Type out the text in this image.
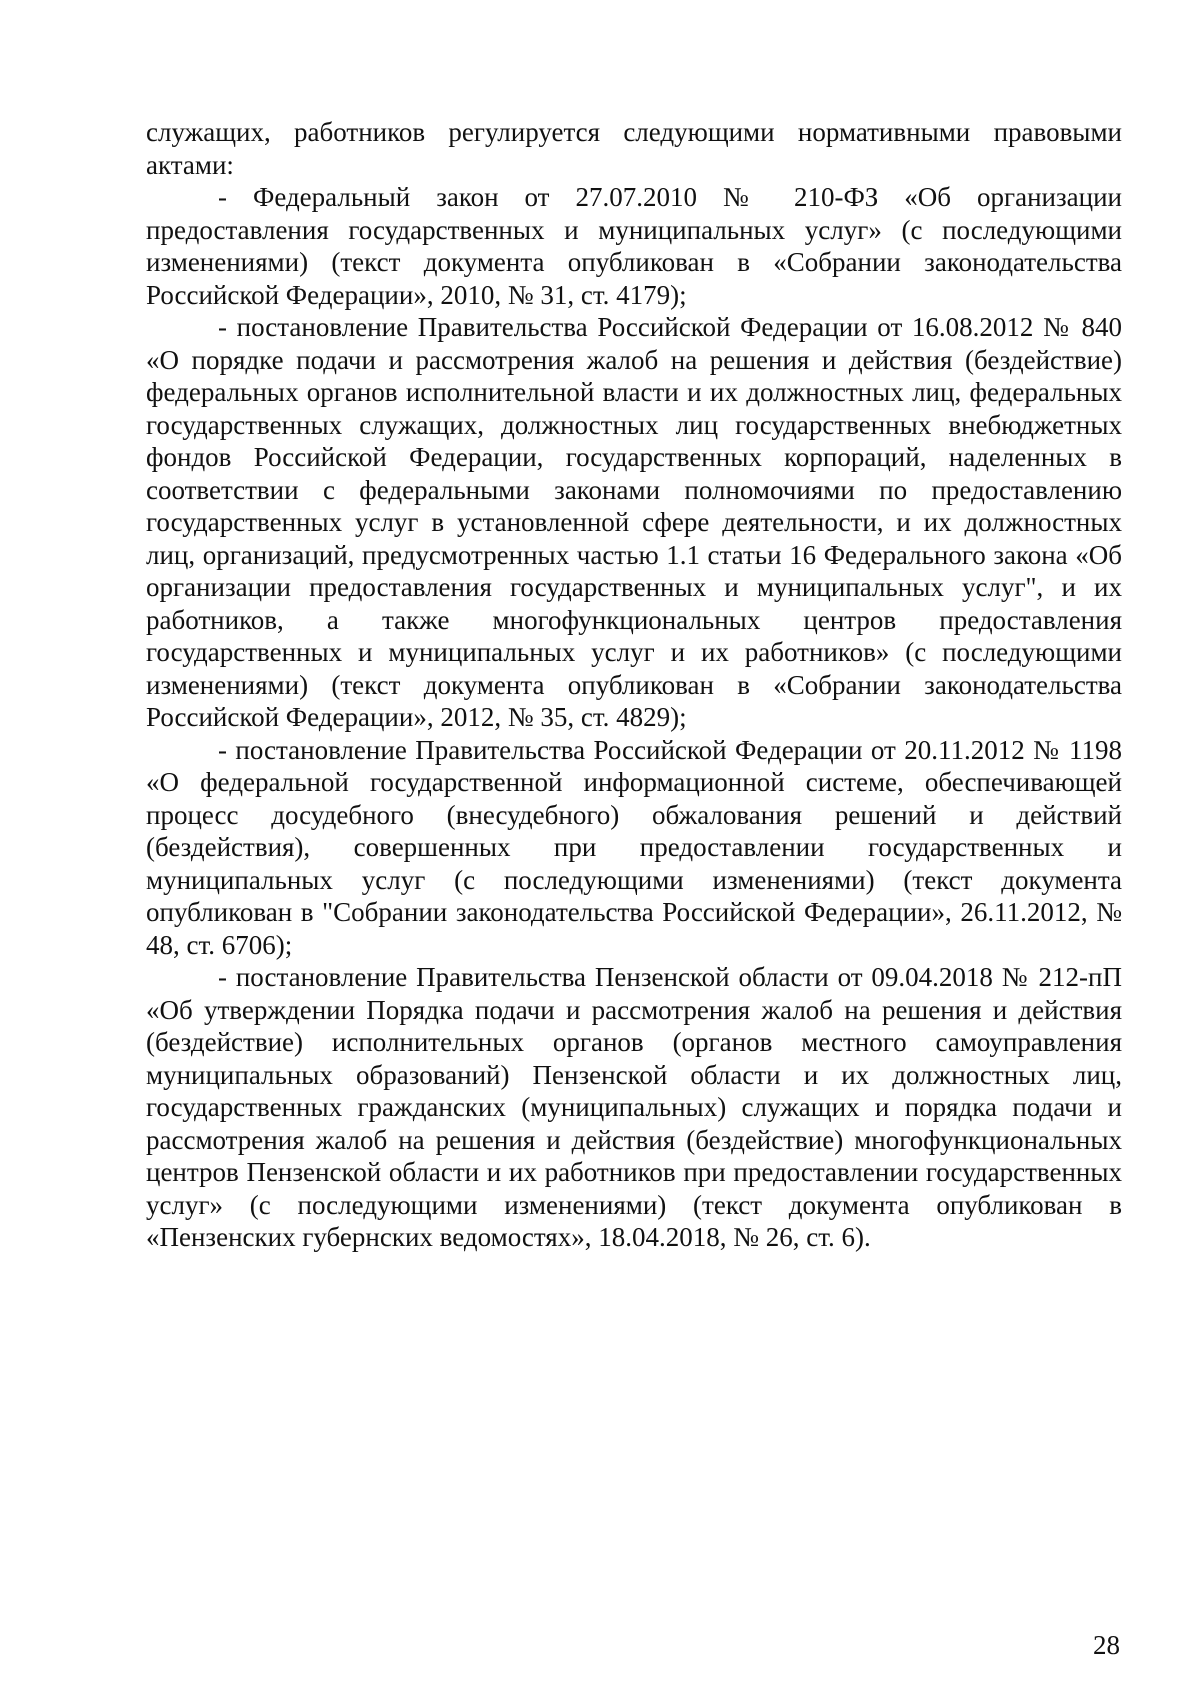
служащих, работников регулируется следующими нормативными правовыми актами:

- Федеральный закон от 27.07.2010 № 210-ФЗ «Об организации предоставления государственных и муниципальных услуг» (с последующими изменениями) (текст документа опубликован в «Собрании законодательства Российской Федерации», 2010, № 31, ст. 4179);

- постановление Правительства Российской Федерации от 16.08.2012 № 840 «О порядке подачи и рассмотрения жалоб на решения и действия (бездействие) федеральных органов исполнительной власти и их должностных лиц, федеральных государственных служащих, должностных лиц государственных внебюджетных фондов Российской Федерации, государственных корпораций, наделенных в соответствии с федеральными законами полномочиями по предоставлению государственных услуг в установленной сфере деятельности, и их должностных лиц, организаций, предусмотренных частью 1.1 статьи 16 Федерального закона «Об организации предоставления государственных и муниципальных услуг", и их работников, а также многофункциональных центров предоставления государственных и муниципальных услуг и их работников» (с последующими изменениями) (текст документа опубликован в «Собрании законодательства Российской Федерации», 2012, № 35, ст. 4829);

- постановление Правительства Российской Федерации от 20.11.2012 № 1198 «О федеральной государственной информационной системе, обеспечивающей процесс досудебного (внесудебного) обжалования решений и действий (бездействия), совершенных при предоставлении государственных и муниципальных услуг (с последующими изменениями) (текст документа опубликован в "Собрании законодательства Российской Федерации», 26.11.2012, № 48, ст. 6706);

- постановление Правительства Пензенской области от 09.04.2018 № 212-пП «Об утверждении Порядка подачи и рассмотрения жалоб на решения и действия (бездействие) исполнительных органов (органов местного самоуправления муниципальных образований) Пензенской области и их должностных лиц, государственных гражданских (муниципальных) служащих и порядка подачи и рассмотрения жалоб на решения и действия (бездействие) многофункциональных центров Пензенской области и их работников при предоставлении государственных услуг» (с последующими изменениями) (текст документа опубликован в «Пензенских губернских ведомостях», 18.04.2018, № 26, ст. 6).

28
